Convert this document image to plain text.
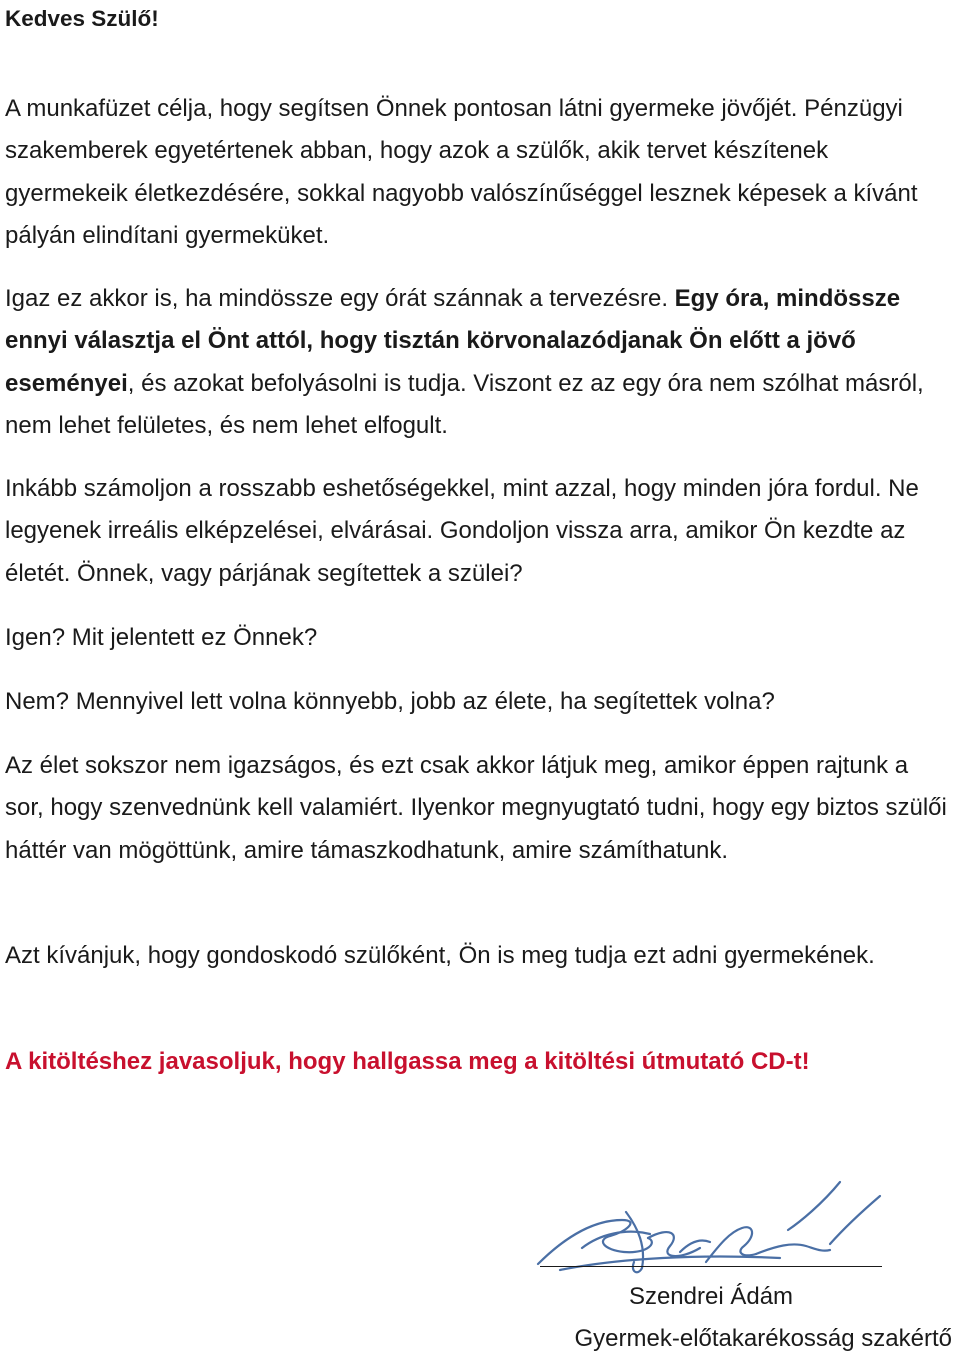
Kedves Szülő!

A munkafüzet célja, hogy segítsen Önnek pontosan látni gyermeke jövőjét. Pénzügyi szakemberek egyetértenek abban, hogy azok a szülők, akik tervet készítenek gyermekeik életkezdésére, sokkal nagyobb valószínűséggel lesznek képesek a kívánt pályán elindítani gyermeküket.

Igaz ez akkor is, ha mindössze egy órát szánnak a tervezésre. Egy óra, mindössze ennyi választja el Önt attól, hogy tisztán körvonalazódjanak Ön előtt a jövő eseményei, és azokat befolyásolni is tudja. Viszont ez az egy óra nem szólhat másról, nem lehet felületes, és nem lehet elfogult.

Inkább számoljon a rosszabb eshetőségekkel, mint azzal, hogy minden jóra fordul. Ne legyenek irreális elképzelései, elvárásai. Gondoljon vissza arra, amikor Ön kezdte az életét. Önnek, vagy párjának segítettek a szülei?

Igen? Mit jelentett ez Önnek?

Nem? Mennyivel lett volna könnyebb, jobb az élete, ha segítettek volna?

Az élet sokszor nem igazságos, és ezt csak akkor látjuk meg, amikor éppen rajtunk a sor, hogy szenvednünk kell valamiért. Ilyenkor megnyugtató tudni, hogy egy biztos szülői háttér van mögöttünk, amire támaszkodhatunk, amire számíthatunk.

Azt kívánjuk, hogy gondoskodó szülőként, Ön is meg tudja ezt adni gyermekének.

A kitöltéshez javasoljuk, hogy hallgassa meg a kitöltési útmutató CD-t!

Szendrei Ádám
Gyermek-előtakarékosság szakértő
